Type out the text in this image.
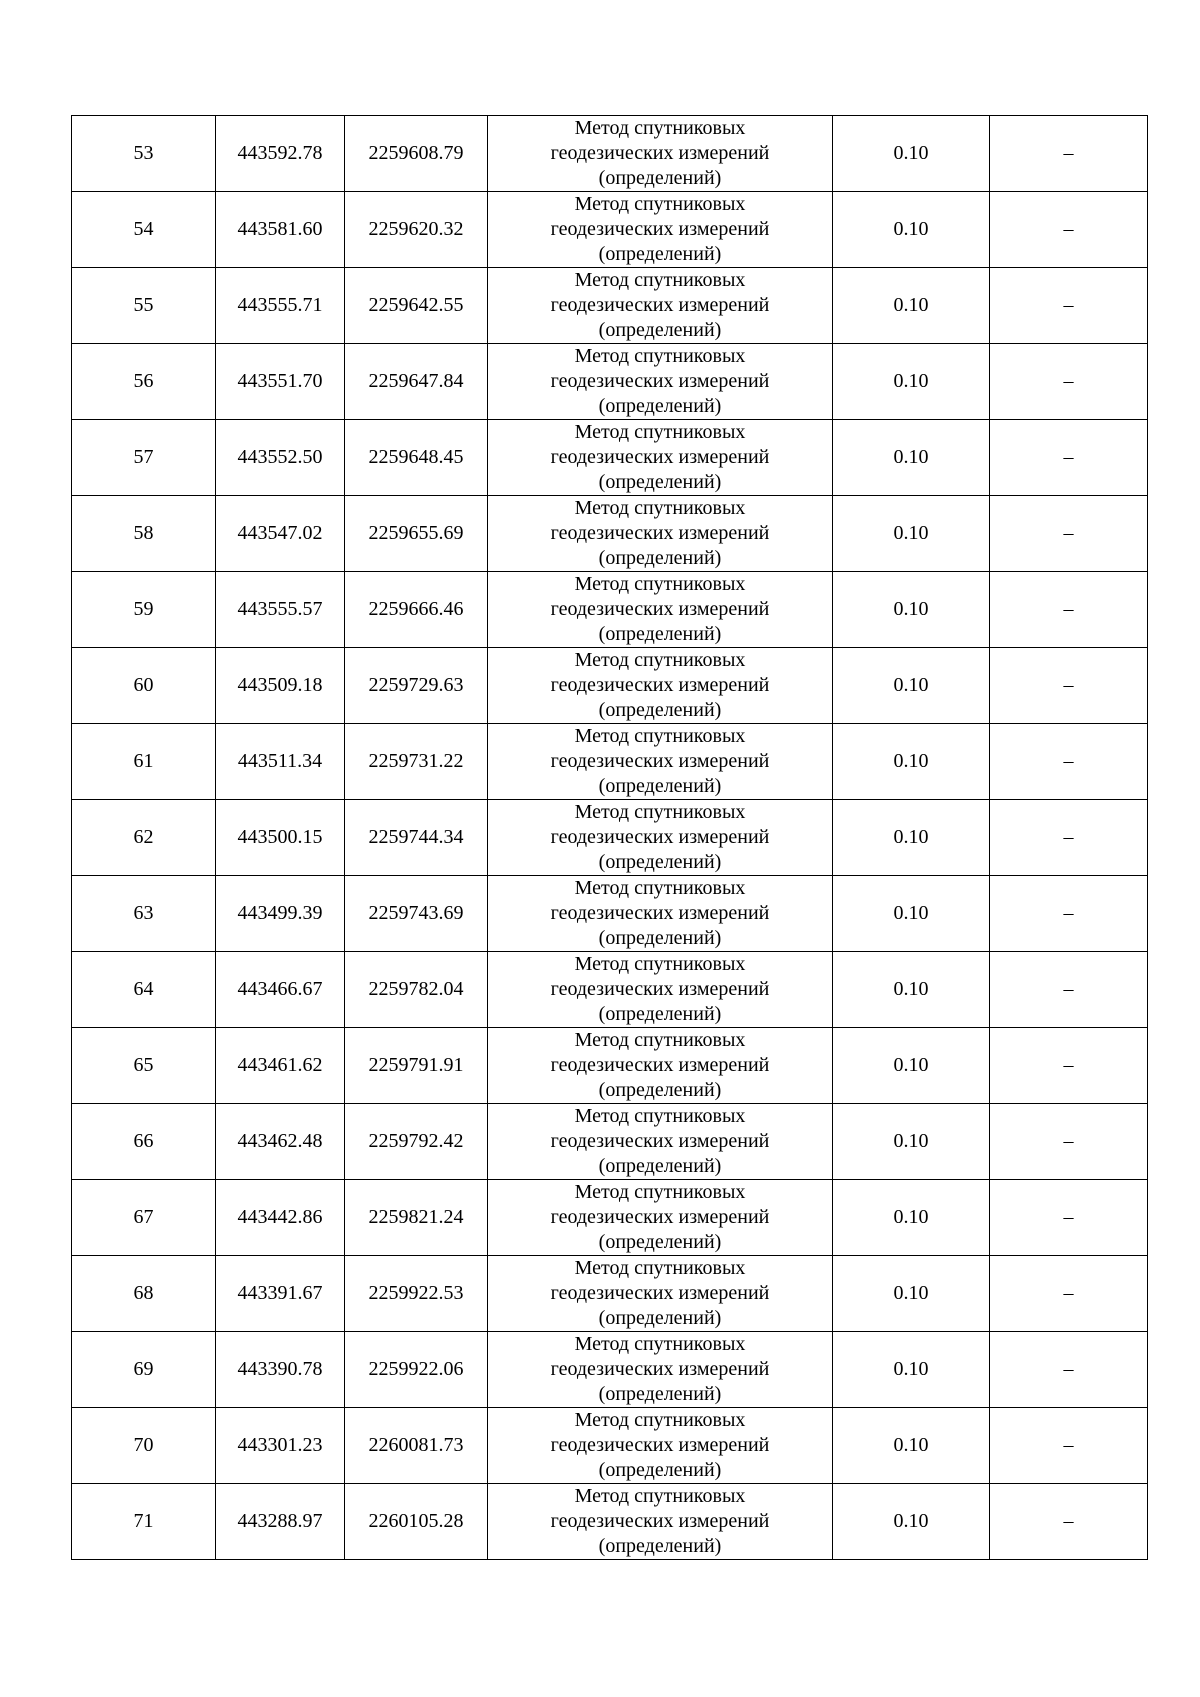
53	443592.78	2259608.79	Метод спутниковых
геодезических измерений
(определений)	0.10	–
54	443581.60	2259620.32	Метод спутниковых
геодезических измерений
(определений)	0.10	–
55	443555.71	2259642.55	Метод спутниковых
геодезических измерений
(определений)	0.10	–
56	443551.70	2259647.84	Метод спутниковых
геодезических измерений
(определений)	0.10	–
57	443552.50	2259648.45	Метод спутниковых
геодезических измерений
(определений)	0.10	–
58	443547.02	2259655.69	Метод спутниковых
геодезических измерений
(определений)	0.10	–
59	443555.57	2259666.46	Метод спутниковых
геодезических измерений
(определений)	0.10	–
60	443509.18	2259729.63	Метод спутниковых
геодезических измерений
(определений)	0.10	–
61	443511.34	2259731.22	Метод спутниковых
геодезических измерений
(определений)	0.10	–
62	443500.15	2259744.34	Метод спутниковых
геодезических измерений
(определений)	0.10	–
63	443499.39	2259743.69	Метод спутниковых
геодезических измерений
(определений)	0.10	–
64	443466.67	2259782.04	Метод спутниковых
геодезических измерений
(определений)	0.10	–
65	443461.62	2259791.91	Метод спутниковых
геодезических измерений
(определений)	0.10	–
66	443462.48	2259792.42	Метод спутниковых
геодезических измерений
(определений)	0.10	–
67	443442.86	2259821.24	Метод спутниковых
геодезических измерений
(определений)	0.10	–
68	443391.67	2259922.53	Метод спутниковых
геодезических измерений
(определений)	0.10	–
69	443390.78	2259922.06	Метод спутниковых
геодезических измерений
(определений)	0.10	–
70	443301.23	2260081.73	Метод спутниковых
геодезических измерений
(определений)	0.10	–
71	443288.97	2260105.28	Метод спутниковых
геодезических измерений
(определений)	0.10	–
